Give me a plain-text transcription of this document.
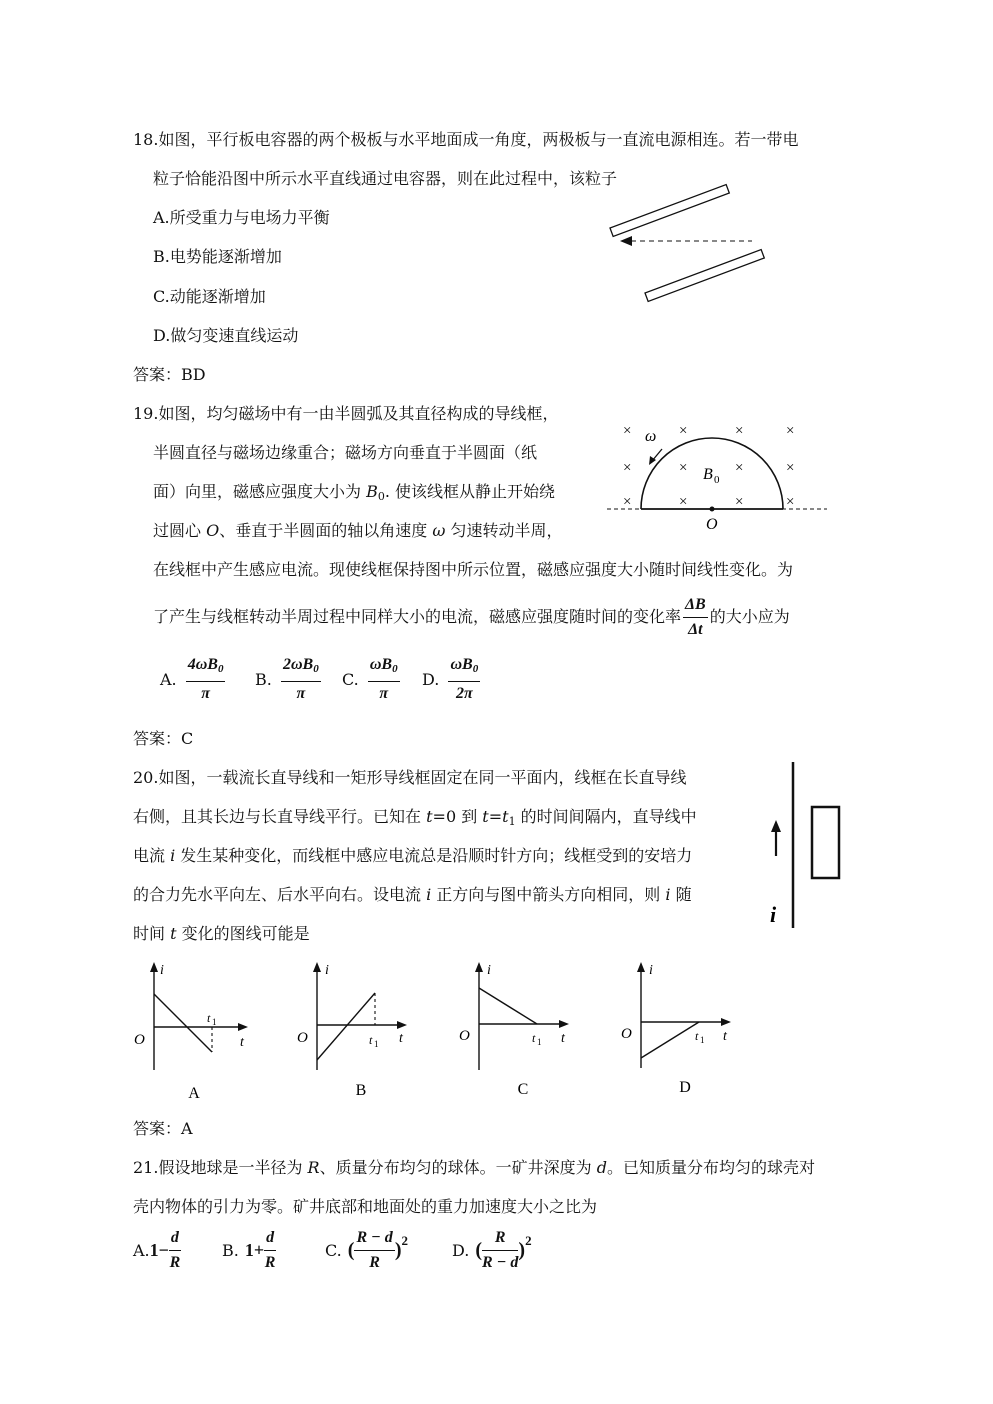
18.如图，平行板电容器的两个极板与水平地面成一角度，两极板与一直流电源相连。若一带电
粒子恰能沿图中所示水平直线通过电容器，则在此过程中，该粒子
A.所受重力与电场力平衡
B.电势能逐渐增加
C.动能逐渐增加
D.做匀变速直线运动
答案：BD
19.如图，均匀磁场中有一由半圆弧及其直径构成的导线框，
半圆直径与磁场边缘重合；磁场方向垂直于半圆面（纸
面）向里，磁感应强度大小为 $B_0$. 使该线框从静止开始绕
过圆心 O、垂直于半圆面的轴以角速度 ω 匀速转动半周，
在线框中产生感应电流。现使线框保持图中所示位置，磁感应强度大小随时间线性变化。为
了产生与线框转动半周过程中同样大小的电流，磁感应强度随时间的变化率 $\frac{\Delta B}{\Delta t}$ 的大小应为
A. $\frac{4\omega B_0}{\pi} B$. $\frac{2\omega B_0}{\pi} C$. $\frac{\omega B_0}{\pi} D$. $\frac{\omega B_0}{2\pi}$
答案：C
×	×	×	×
×	×	×	×
×	×	×	×
ω
B 0
O
20.如图，一载流长直导线和一矩形导线框固定在同一平面内，线框在长直导线
右侧，且其长边与长直导线平行。已知在 t=0 到 $t=t_1$ 的时间间隔内，直导线中
电流 i 发生某种变化，而线框中感应电流总是沿顺时针方向；线框受到的安培力
的合力先水平向左、后水平向右。设电流 i 正方向与图中箭头方向相同，则 i 随
时间 t 变化的图线可能是
i
i
O	t
t 1
A
i
O	t
t 1
B
i
O	t
t 1
C
i
O	t
t 1
D
答案：A
21.假设地球是一半径为 R、质量分布均匀的球体。一矿井深度为 d。已知质量分布均匀的球壳对
壳内物体的引力为零。矿井底部和地面处的重力加速度大小之比为
$A.1- \frac{d}{R}$	B. $1+ \frac{d}{R}$	C. ( $\frac{R - d}{R} )^2$
D. ( $\frac{R}{R - d} )^2$
